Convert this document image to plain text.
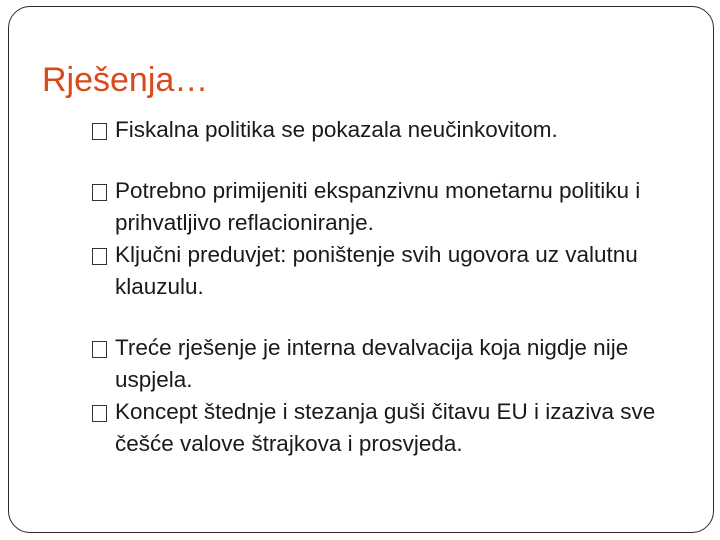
Rješenja…
Fiskalna politika se pokazala neučinkovitom.
Potrebno primijeniti ekspanzivnu monetarnu politiku i prihvatljivo reflacioniranje.
Ključni preduvjet: poništenje svih ugovora uz valutnu klauzulu.
Treće rješenje je interna devalvacija koja nigdje nije uspjela.
Koncept štednje i stezanja guši čitavu EU i izaziva sve češće valove štrajkova i prosvjeda.
